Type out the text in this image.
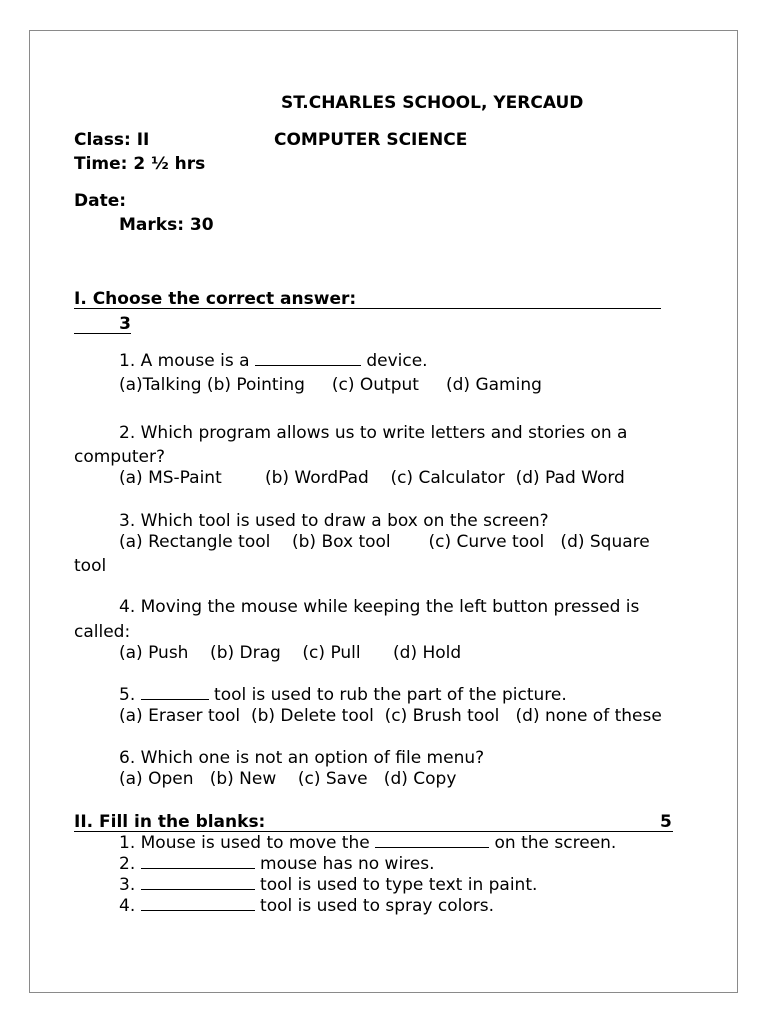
ST.CHARLES SCHOOL, YERCAUD
Class: II	COMPUTER SCIENCE
Time: 2 ½ hrs
Date:
Marks: 30
I. Choose the correct answer:
3
1. A mouse is a	device.
(a)Talking (b) Pointing     (c) Output     (d) Gaming
2. Which program allows us to write letters and stories on a
computer?
(a) MS-Paint        (b) WordPad    (c) Calculator  (d) Pad Word
3. Which tool is used to draw a box on the screen?
(a) Rectangle tool    (b) Box tool       (c) Curve tool   (d) Square
tool
4. Moving the mouse while keeping the left button pressed is
called:
(a) Push    (b) Drag    (c) Pull      (d) Hold
5.	tool is used to rub the part of the picture.
(a) Eraser tool  (b) Delete tool  (c) Brush tool   (d) none of these
6. Which one is not an option of file menu?
(a) Open   (b) New    (c) Save   (d) Copy
II. Fill in the blanks:	5
1. Mouse is used to move the	on the screen.
2.	mouse has no wires.
3.	tool is used to type text in paint.
4.	tool is used to spray colors.
